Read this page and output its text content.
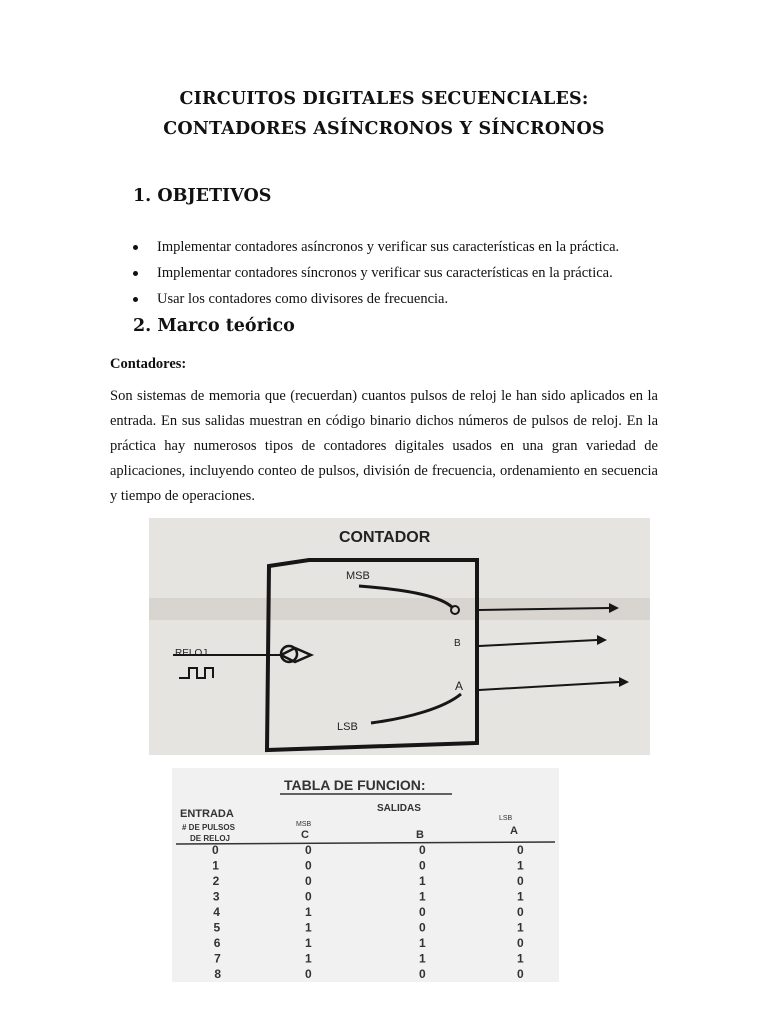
CIRCUITOS DIGITALES SECUENCIALES:
CONTADORES ASÍNCRONOS Y SÍNCRONOS
1. OBJETIVOS
Implementar contadores asíncronos y verificar sus características en la práctica.
Implementar contadores síncronos y verificar sus características en la práctica.
Usar los contadores como divisores de frecuencia.
2. Marco teórico
Contadores:

Son sistemas de memoria que (recuerdan) cuantos pulsos de reloj le han sido aplicados en la entrada. En sus salidas muestran en código binario dichos números de pulsos de reloj. En la práctica hay numerosos tipos de contadores digitales usados en una gran variedad de aplicaciones, incluyendo conteo de pulsos, división de frecuencia, ordenamiento en secuencia y tiempo de operaciones.

CONTADOR
MSB
B
A
RELOJ
LSB
TABLA DE FUNCION:
ENTRADA
# DE PULSOS
DE RELOJ
SALIDAS
MSB
LSB
C	B	A
0	0	0	0
1	0	0	1
2	0	1	0
3	0	1	1
4	1	0	0
5	1	0	1
6	1	1	0
7	1	1	1
8	0	0	0
